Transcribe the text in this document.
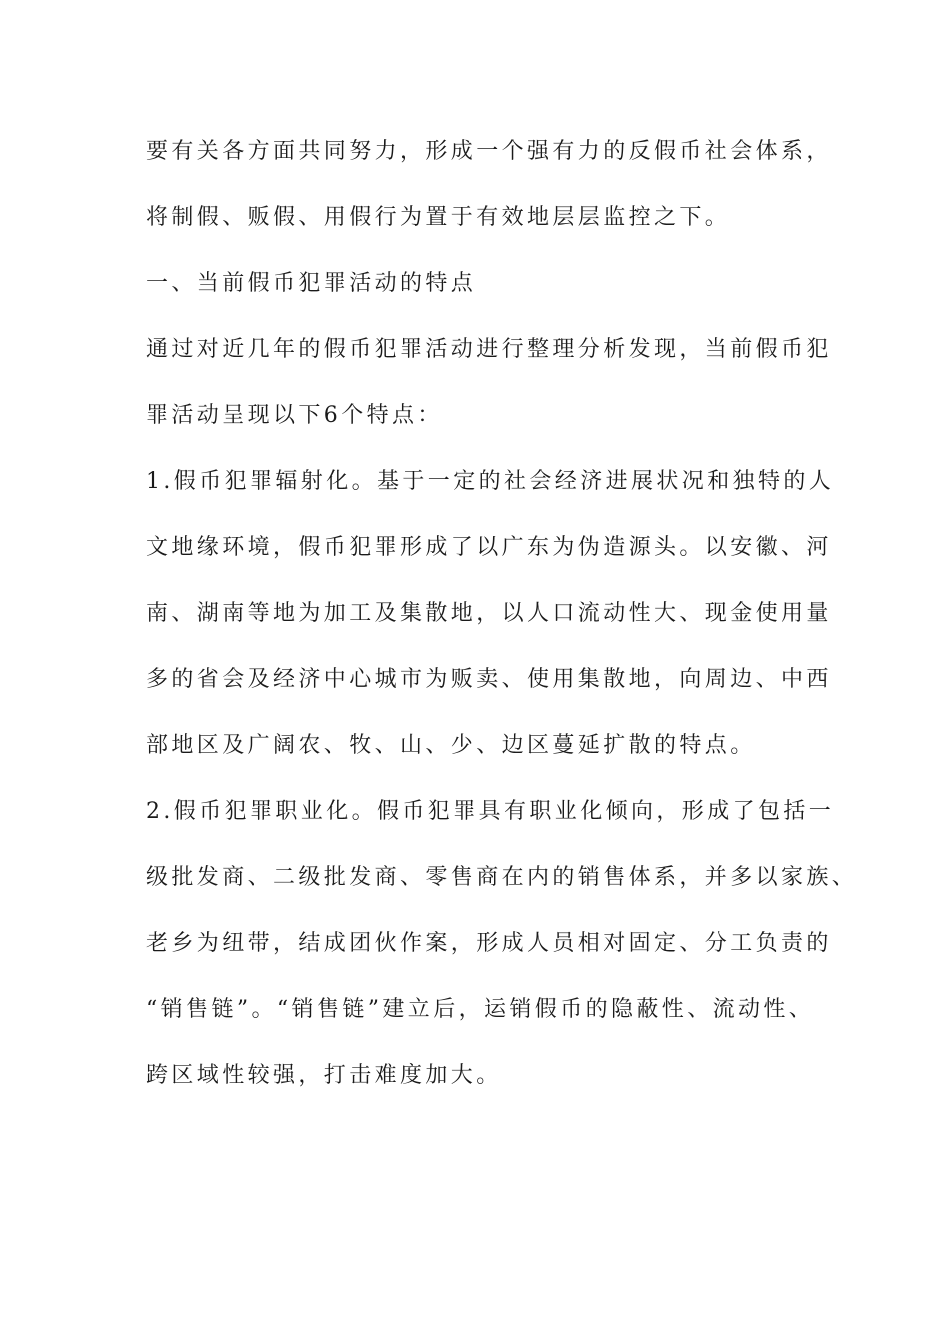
要有关各方面共同努力，形成一个强有力的反假币社会体系，
将制假、贩假、用假行为置于有效地层层监控之下。
一、当前假币犯罪活动的特点
通过对近几年的假币犯罪活动进行整理分析发现，当前假币犯
罪活动呈现以下6个特点：
1.假币犯罪辐射化。基于一定的社会经济进展状况和独特的人
文地缘环境，假币犯罪形成了以广东为伪造源头。以安徽、河
南、湖南等地为加工及集散地，以人口流动性大、现金使用量
多的省会及经济中心城市为贩卖、使用集散地，向周边、中西
部地区及广阔农、牧、山、少、边区蔓延扩散的特点。
2.假币犯罪职业化。假币犯罪具有职业化倾向，形成了包括一
级批发商、二级批发商、零售商在内的销售体系，并多以家族、
老乡为纽带，结成团伙作案，形成人员相对固定、分工负责的
“销售链”。“销售链”建立后，运销假币的隐蔽性、流动性、
跨区域性较强，打击难度加大。
